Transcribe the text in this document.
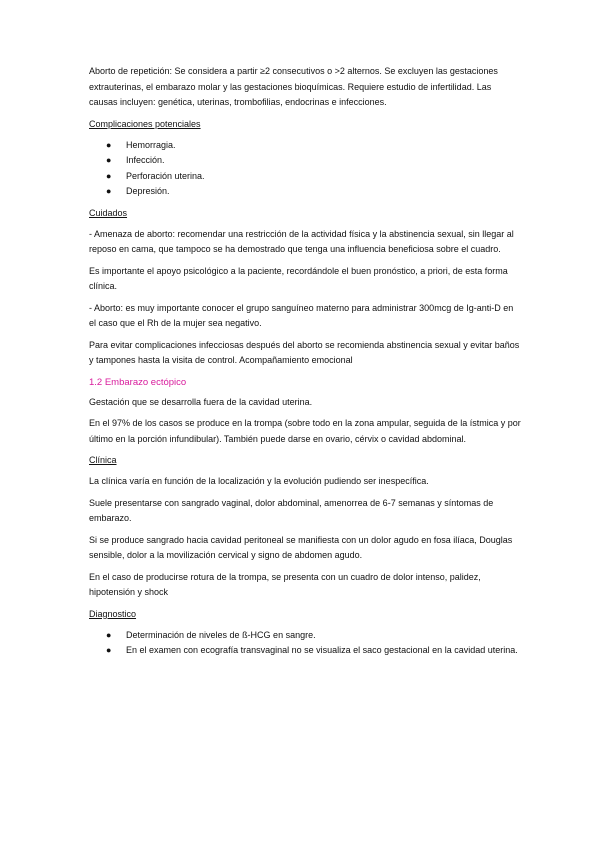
Aborto de repetición: Se considera a partir ≥2 consecutivos o >2 alternos. Se excluyen las gestaciones extrauterinas, el embarazo molar y las gestaciones bioquímicas. Requiere estudio de infertilidad. Las causas incluyen: genética, uterinas, trombofilias, endocrinas e infecciones.

Complicaciones potenciales

● Hemorragia.
● Infección.
● Perforación uterina.
● Depresión.

Cuidados

- Amenaza de aborto: recomendar una restricción de la actividad física y la abstinencia sexual, sin llegar al reposo en cama, que tampoco se ha demostrado que tenga una influencia beneficiosa sobre el cuadro.

Es importante el apoyo psicológico a la paciente, recordándole el buen pronóstico, a priori, de esta forma clínica.

- Aborto: es muy importante conocer el grupo sanguíneo materno para administrar 300mcg de Ig-anti-D en el caso que el Rh de la mujer sea negativo.

Para evitar complicaciones infecciosas después del aborto se recomienda abstinencia sexual y evitar baños y tampones hasta la visita de control. Acompañamiento emocional

1.2 Embarazo ectópico

Gestación que se desarrolla fuera de la cavidad uterina.

En el 97% de los casos se produce en la trompa (sobre todo en la zona ampular, seguida de la ístmica y por último en la porción infundibular). También puede darse en ovario, cérvix o cavidad abdominal.

Clínica

La clínica varía en función de la localización y la evolución pudiendo ser inespecífica.

Suele presentarse con sangrado vaginal, dolor abdominal, amenorrea de 6-7 semanas y síntomas de embarazo.

Si se produce sangrado hacia cavidad peritoneal se manifiesta con un dolor agudo en fosa ilíaca, Douglas sensible, dolor a la movilización cervical y signo de abdomen agudo.

En el caso de producirse rotura de la trompa, se presenta con un cuadro de dolor intenso, palidez, hipotensión y shock

Diagnostico

● Determinación de niveles de ß-HCG en sangre.
● En el examen con ecografía transvaginal no se visualiza el saco gestacional en la cavidad uterina.
